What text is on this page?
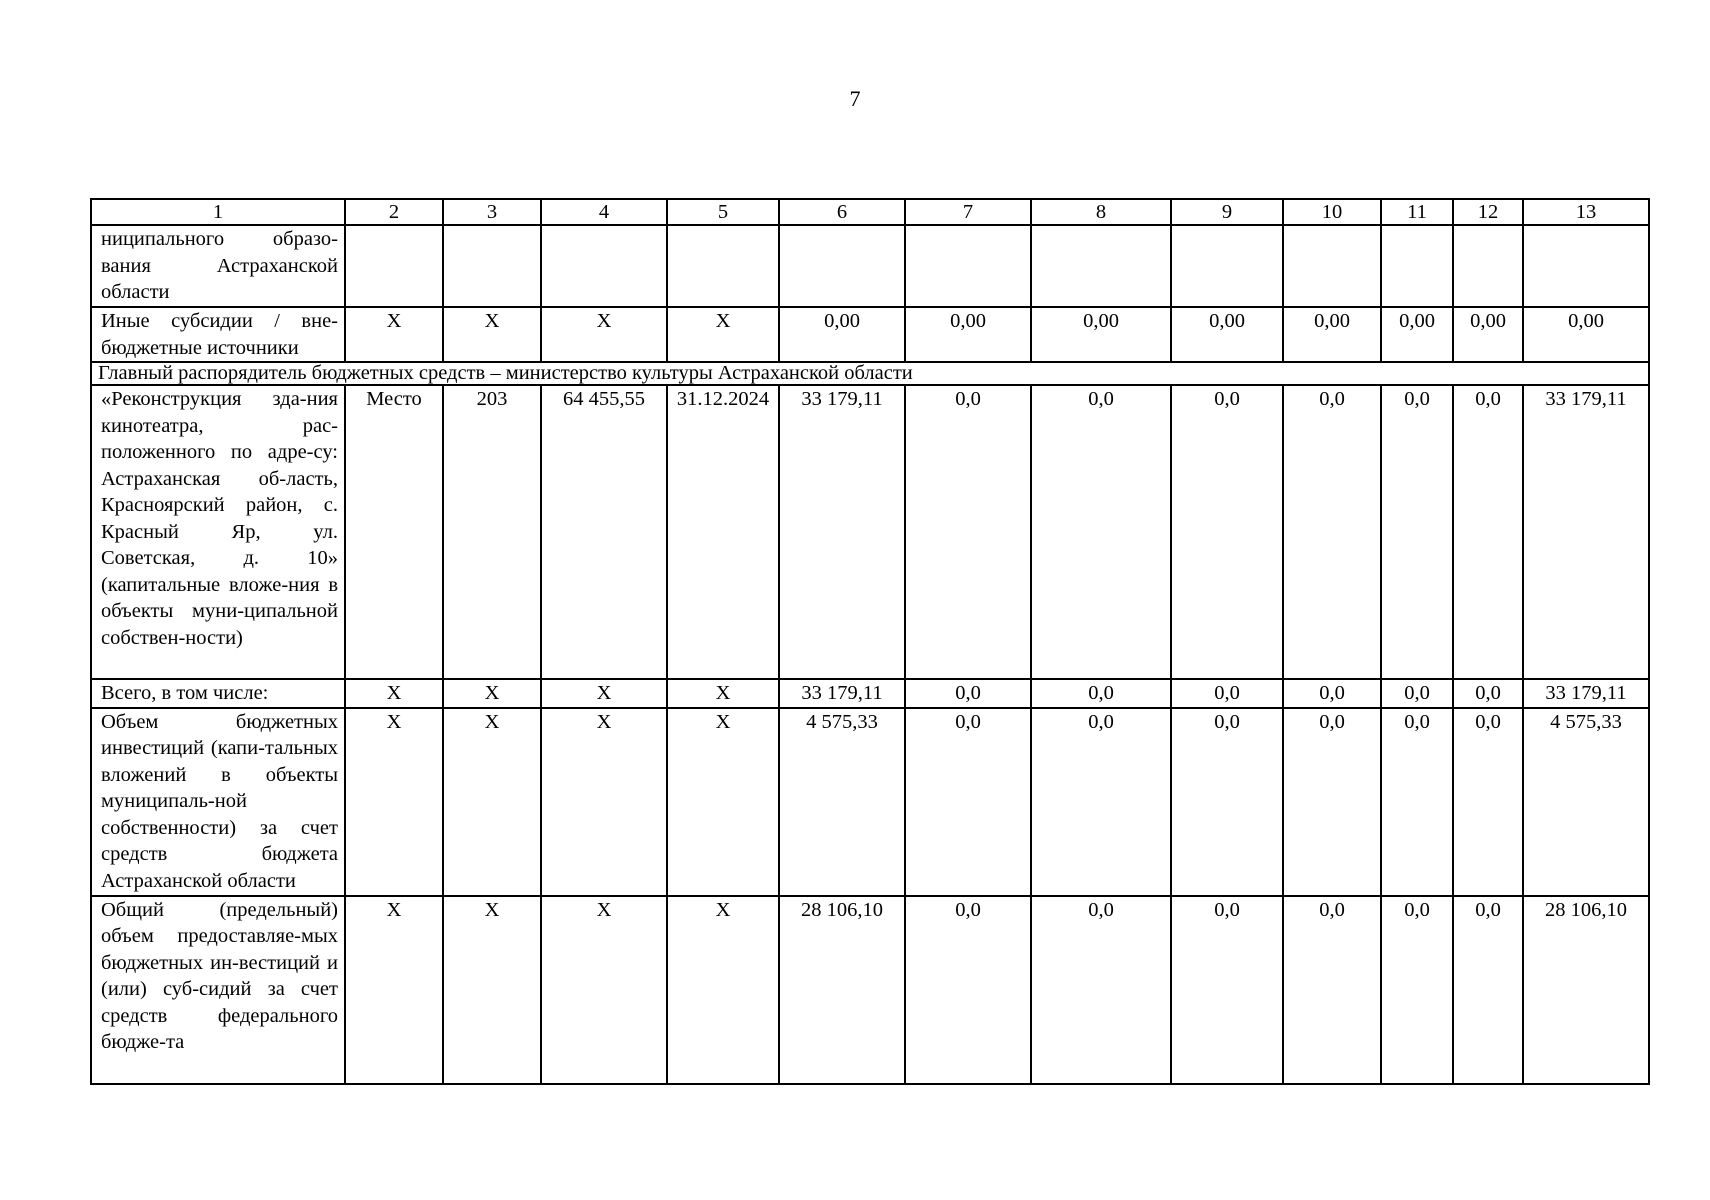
7
1	2	3	4	5	6	7	8	9	10	11	12	13
ниципального образо-вания Астраханской области												
Иные субсидии / вне-бюджетные источники	Х	Х	Х	Х	0,00	0,00	0,00	0,00	0,00	0,00	0,00	0,00
Главный распорядитель бюджетных средств – министерство культуры Астраханской области												
«Реконструкция зда-ния кинотеатра, рас-положенного по адре-су: Астраханская об-ласть, Красноярский район, с. Красный Яр, ул. Советская, д. 10» (капитальные вложе-ния в объекты муни-ципальной собствен-ности)	Место	203	64 455,55	31.12.2024	33 179,11	0,0	0,0	0,0	0,0	0,0	0,0	33 179,11
Всего, в том числе:	Х	Х	Х	Х	33 179,11	0,0	0,0	0,0	0,0	0,0	0,0	33 179,11
Объем бюджетных инвестиций (капи-тальных вложений в объекты муниципаль-ной собственности) за счет средств бюджета Астраханской области	Х	Х	Х	Х	4 575,33	0,0	0,0	0,0	0,0	0,0	0,0	4 575,33
Общий (предельный) объем предоставляе-мых бюджетных ин-вестиций и (или) суб-сидий за счет средств федерального бюдже-та	Х	Х	Х	Х	28 106,10	0,0	0,0	0,0	0,0	0,0	0,0	28 106,10
